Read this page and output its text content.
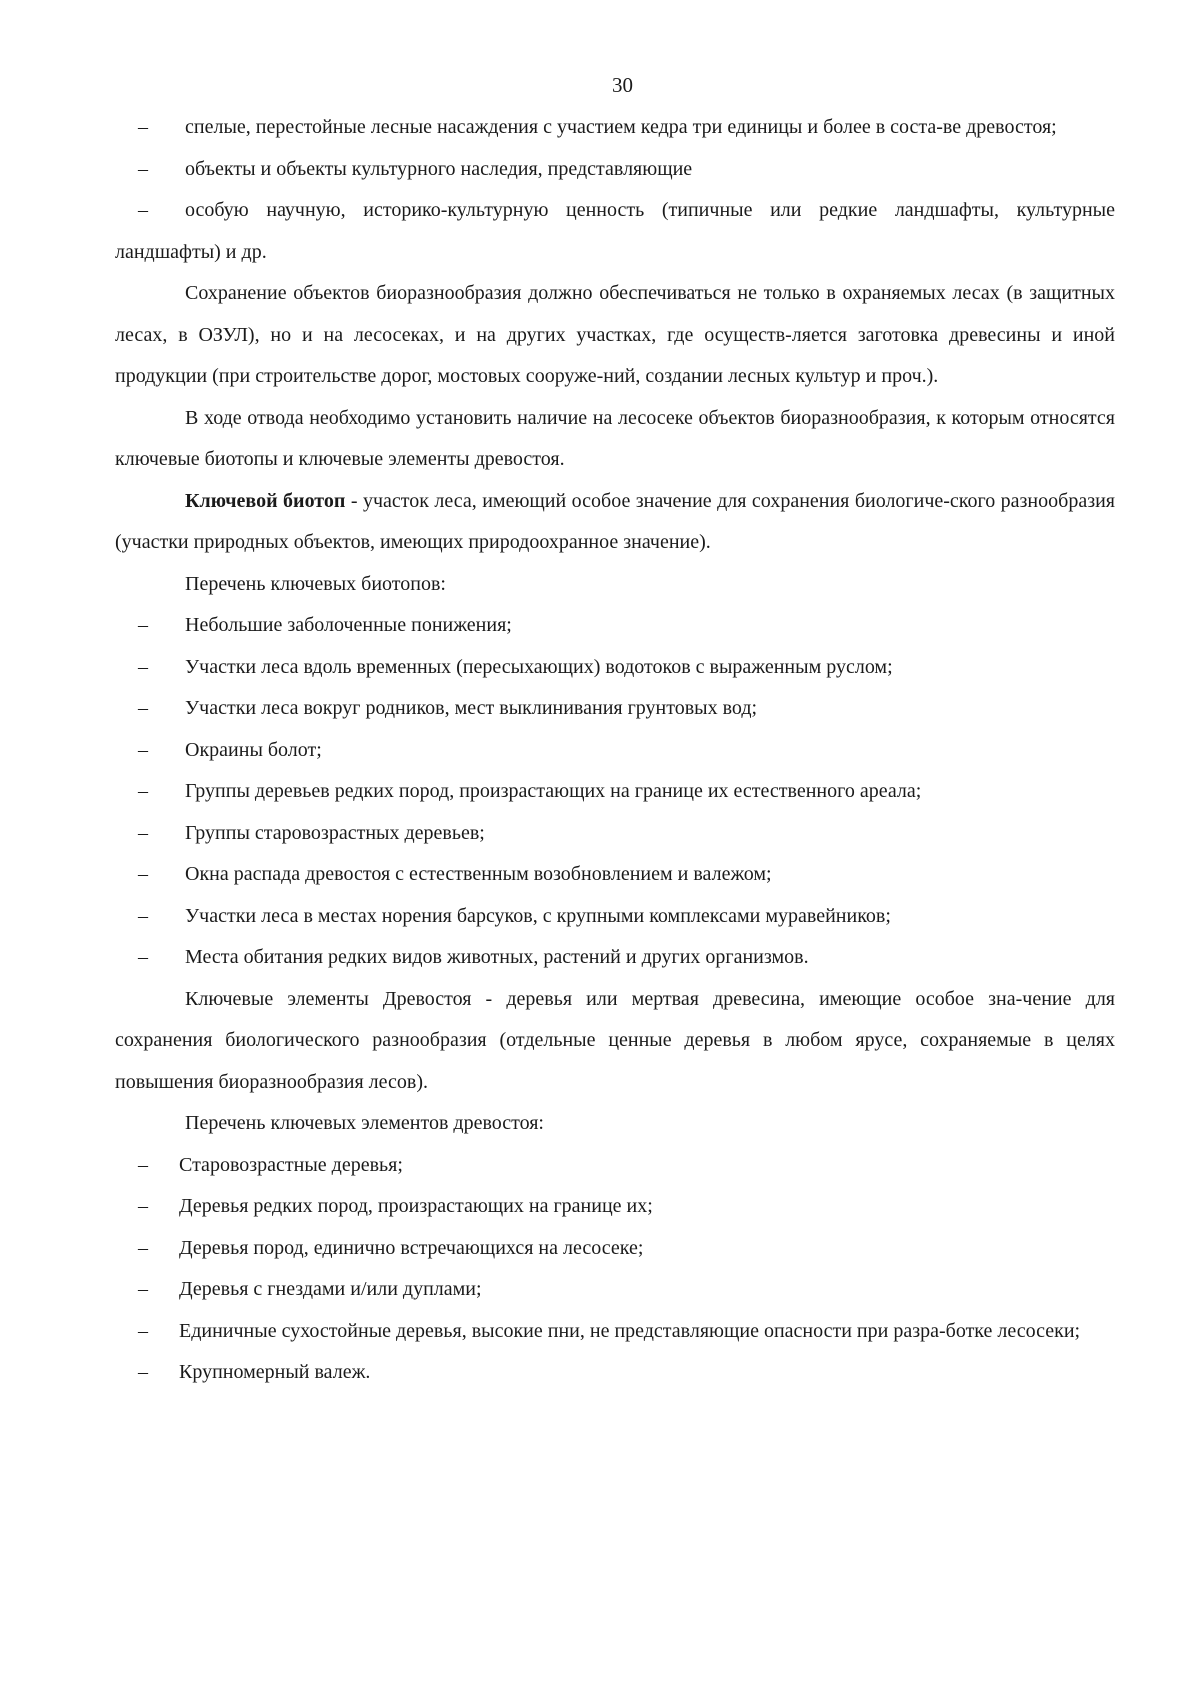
30

– спелые, перестойные лесные насаждения с участием кедра три единицы и более в соста-ве древостоя;

– объекты и объекты культурного наследия, представляющие

– особую научную, историко-культурную ценность (типичные или редкие ландшафты, культурные ландшафты) и др.

Сохранение объектов биоразнообразия должно обеспечиваться не только в охраняемых лесах (в защитных лесах, в ОЗУЛ), но и на лесосеках, и на других участках, где осуществ-ляется заготовка древесины и иной продукции (при строительстве дорог, мостовых сооруже-ний, создании лесных культур и проч.).

В ходе отвода необходимо установить наличие на лесосеке объектов биоразнообразия, к которым относятся ключевые биотопы и ключевые элементы древостоя.

Ключевой биотоп - участок леса, имеющий особое значение для сохранения биологиче-ского разнообразия (участки природных объектов, имеющих природоохранное значение).

Перечень ключевых биотопов:

– Небольшие заболоченные понижения;

– Участки леса вдоль временных (пересыхающих) водотоков с выраженным руслом;

– Участки леса вокруг родников, мест выклинивания грунтовых вод;

– Окраины болот;

– Группы деревьев редких пород, произрастающих на границе их естественного ареала;

– Группы старовозрастных деревьев;

– Окна распада древостоя с естественным возобновлением и валежом;

– Участки леса в местах норения барсуков, с крупными комплексами муравейников;

– Места обитания редких видов животных, растений и других организмов.

Ключевые элементы Древостоя - деревья или мертвая древесина, имеющие особое зна-чение для сохранения биологического разнообразия (отдельные ценные деревья в любом ярусе, сохраняемые в целях повышения биоразнообразия лесов).

Перечень ключевых элементов древостоя:

– Старовозрастные деревья;

– Деревья редких пород, произрастающих на границе их;

– Деревья пород, единично встречающихся на лесосеке;

– Деревья с гнездами и/или дуплами;

– Единичные сухостойные деревья, высокие пни, не представляющие опасности при разра-ботке лесосеки;

– Крупномерный валеж.
